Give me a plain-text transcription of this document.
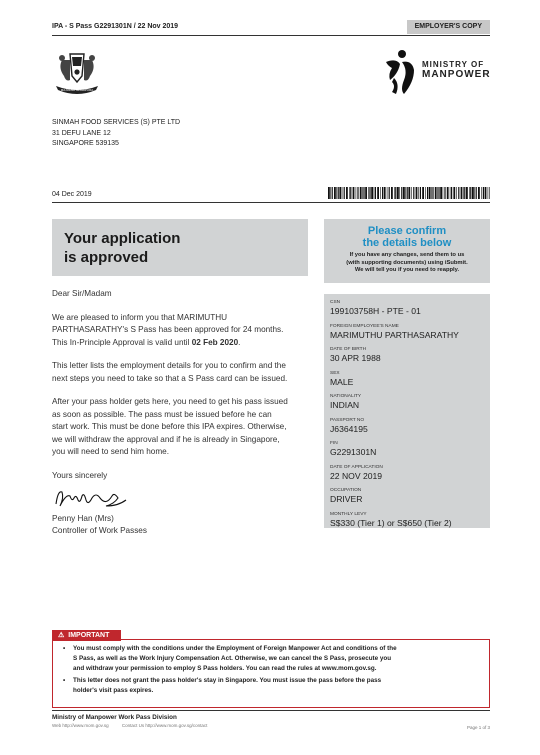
IPA - S Pass G2291301N / 22 Nov 2019	EMPLOYER'S COPY
MAJULAH SINGAPURA
MINISTRY OF
MANPOWER
SINMAH FOOD SERVICES (S) PTE LTD
31 DEFU LANE 12
SINGAPORE 539135
04 Dec 2019
Your application
is approved
Please confirm
the details below
If you have any changes, send them to us
(with supporting documents) using iSubmit.
We will tell you if you need to reapply.

Dear Sir/Madam

We are pleased to inform you that MARIMUTHU
PARTHASARATHY's S Pass has been approved for 24 months.
This In-Principle Approval is valid until 02 Feb 2020.

This letter lists the employment details for you to confirm and the
next steps you need to take so that a S Pass card can be issued.

After your pass holder gets here, you need to get his pass issued
as soon as possible. The pass must be issued before he can
start work. This must be done before this IPA expires. Otherwise,
we will withdraw the approval and if he is already in Singapore,
you will need to send him home.

Yours sincerely

Penny Han (Mrs)
Controller of Work Passes
CSN
199103758H - PTE - 01
FOREIGN EMPLOYEE'S NAME
MARIMUTHU PARTHASARATHY
DATE OF BIRTH
30 APR 1988
SEX
MALE
NATIONALITY
INDIAN
PASSPORT NO
J6364195
FIN
G2291301N
DATE OF APPLICATION
22 NOV 2019
OCCUPATION
DRIVER
MONTHLY LEVY
S$330 (Tier 1) or S$650 (Tier 2)
⚠ IMPORTANT
• You must comply with the conditions under the Employment of Foreign Manpower Act and conditions of the
S Pass, as well as the Work Injury Compensation Act. Otherwise, we can cancel the S Pass, prosecute you
and withdraw your permission to employ S Pass holders. You can read the rules at www.mom.gov.sg.
• This letter does not grant the pass holder's stay in Singapore. You must issue the pass before the pass
holder's visit pass expires.
Ministry of Manpower Work Pass Division
Web http://www.mom.gov.sg	Contact Us http://www.mom.gov.sg/contact	Page 1 of 3
